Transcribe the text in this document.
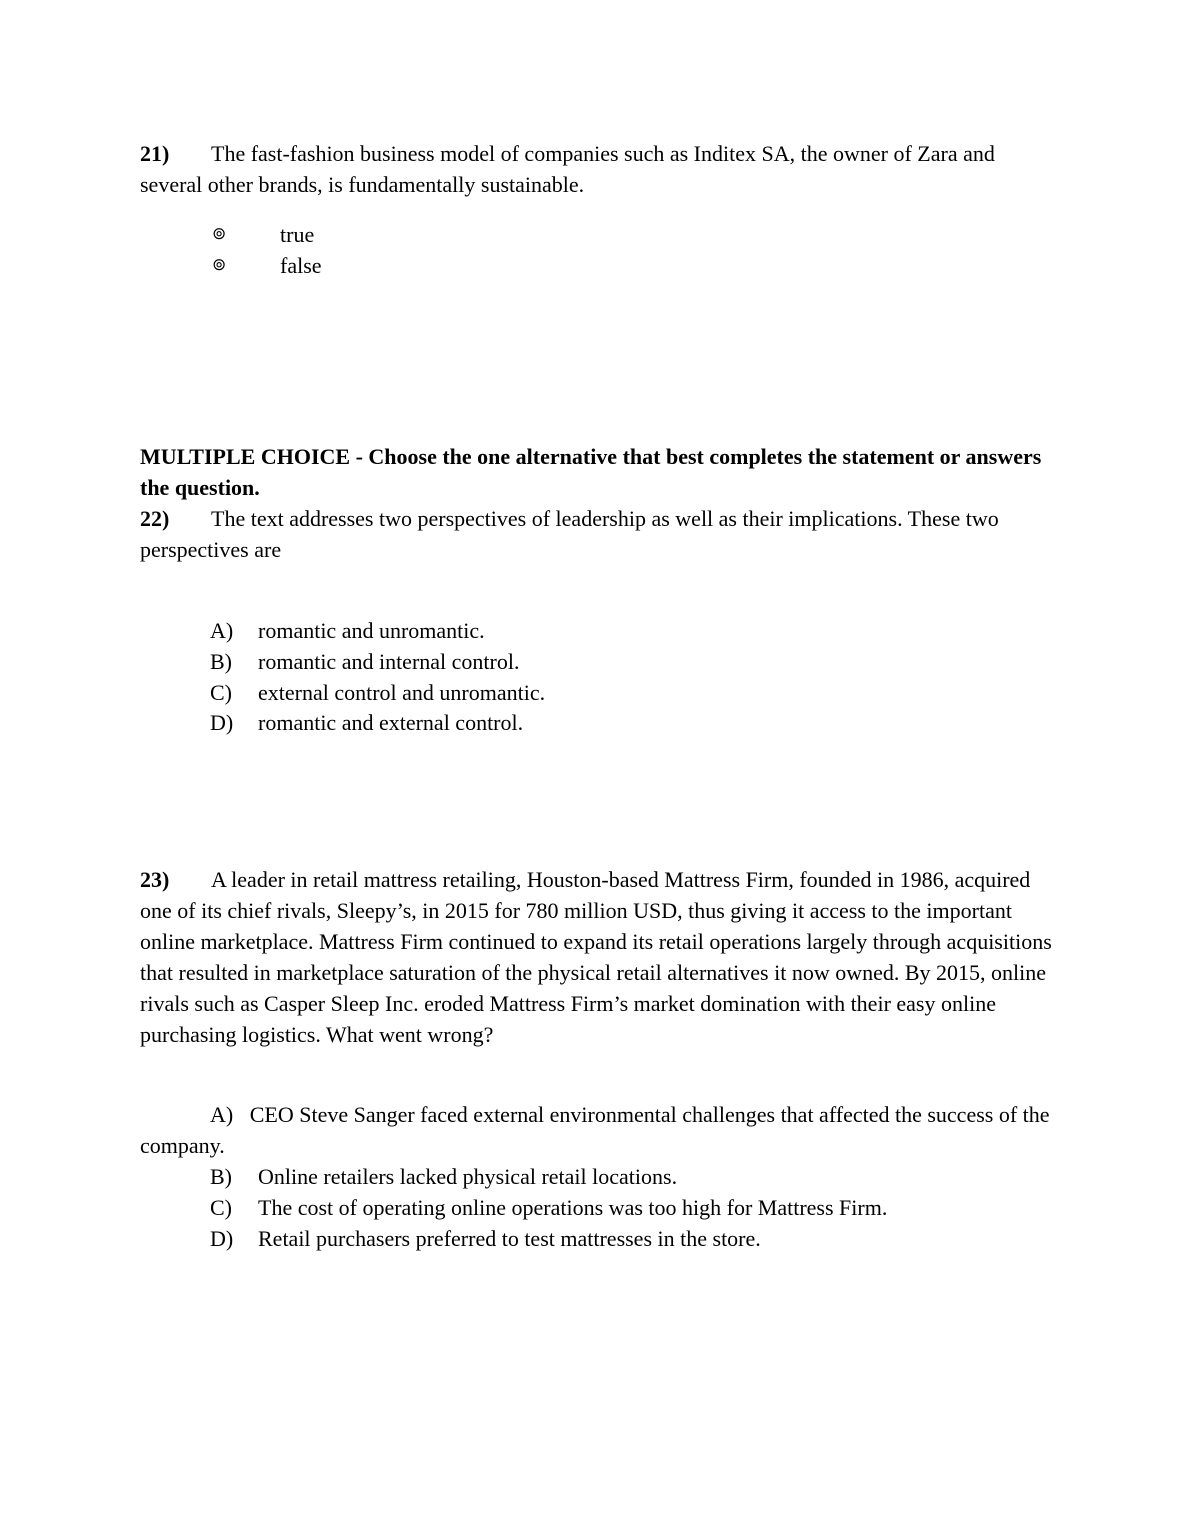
21) The fast-fashion business model of companies such as Inditex SA, the owner of Zara and several other brands, is fundamentally sustainable.
⊚ true
⊚ false
MULTIPLE CHOICE - Choose the one alternative that best completes the statement or answers the question.
22) The text addresses two perspectives of leadership as well as their implications. These two perspectives are
A) romantic and unromantic.
B) romantic and internal control.
C) external control and unromantic.
D) romantic and external control.
23) A leader in retail mattress retailing, Houston-based Mattress Firm, founded in 1986, acquired one of its chief rivals, Sleepy’s, in 2015 for 780 million USD, thus giving it access to the important online marketplace. Mattress Firm continued to expand its retail operations largely through acquisitions that resulted in marketplace saturation of the physical retail alternatives it now owned. By 2015, online rivals such as Casper Sleep Inc. eroded Mattress Firm’s market domination with their easy online purchasing logistics. What went wrong?
A) CEO Steve Sanger faced external environmental challenges that affected the success of the company.
B) Online retailers lacked physical retail locations.
C) The cost of operating online operations was too high for Mattress Firm.
D) Retail purchasers preferred to test mattresses in the store.
